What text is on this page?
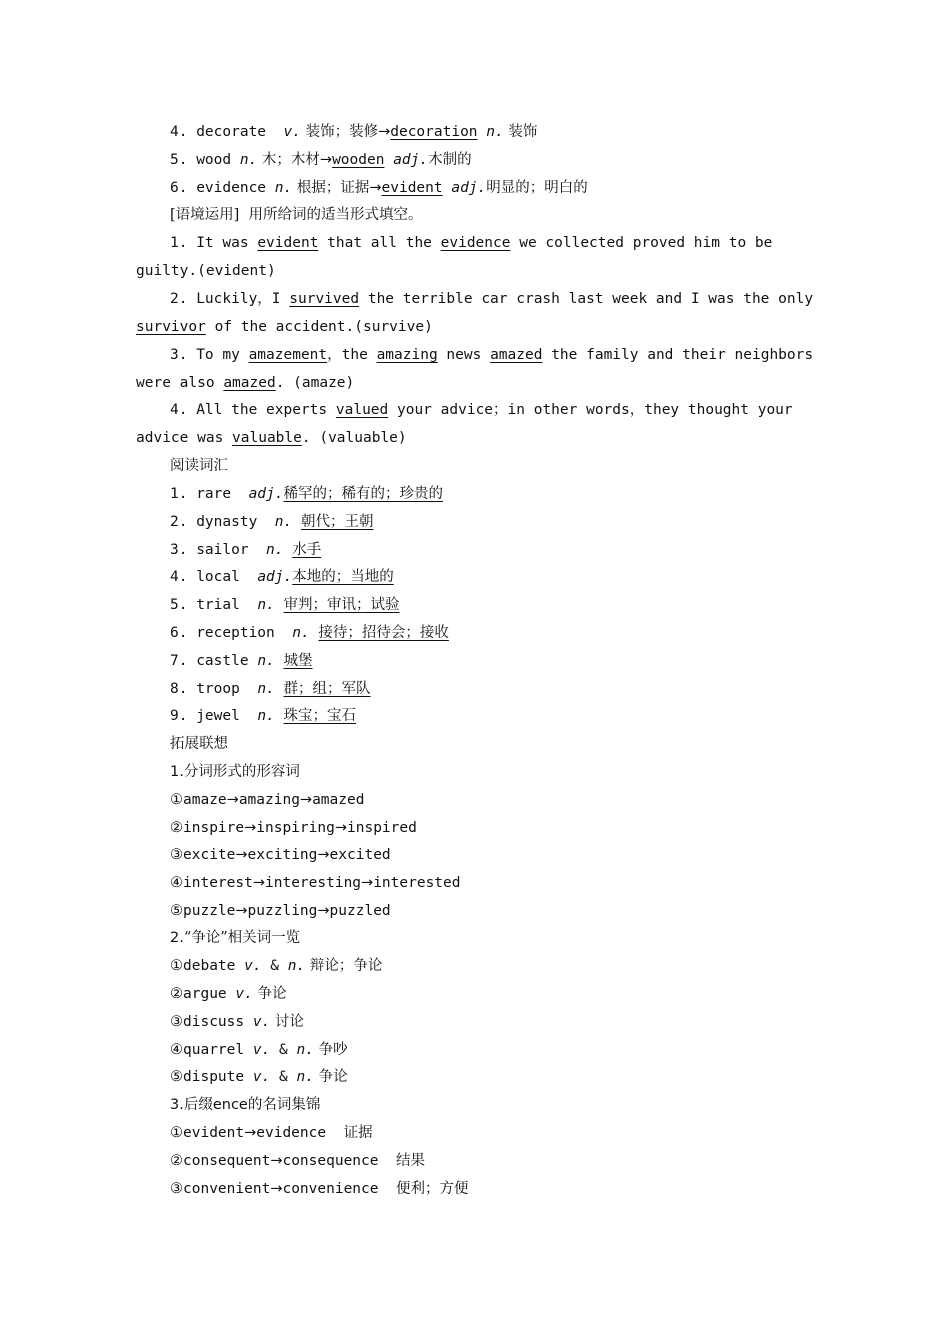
4. decorate  v. 装饰；装修→decoration n. 装饰
5. wood n. 木；木材→wooden adj.木制的
6. evidence n. 根据；证据→evident adj.明显的；明白的
[语境运用]  用所给词的适当形式填空。
1. It was evident that all the evidence we collected proved him to be
guilty.(evident)
2. Luckily，I survived the terrible car crash last week and I was the only
survivor of the accident.(survive)
3. To my amazement，the amazing news amazed the family and their neighbors
were also amazed. (amaze)
4. All the experts valued your advice；in other words，they thought your
advice was valuable. (valuable)
阅读词汇
1. rare  adj.稀罕的；稀有的；珍贵的
2. dynasty  n. 朝代；王朝
3. sailor  n. 水手
4. local  adj.本地的；当地的
5. trial  n. 审判；审讯；试验
6. reception  n. 接待；招待会；接收
7. castle n. 城堡
8. troop  n. 群；组；军队
9. jewel  n. 珠宝；宝石
拓展联想
1.分词形式的形容词
①amaze→amazing→amazed
②inspire→inspiring→inspired
③excite→exciting→excited
④interest→interesting→interested
⑤puzzle→puzzling→puzzled
2.“争论”相关词一览
①debate v. & n. 辩论；争论
②argue v. 争论
③discuss v. 讨论
④quarrel v. & n. 争吵
⑤dispute v. & n. 争论
3.后缀ence的名词集锦
①evident→evidence  证据
②consequent→consequence  结果
③convenient→convenience  便利；方便
